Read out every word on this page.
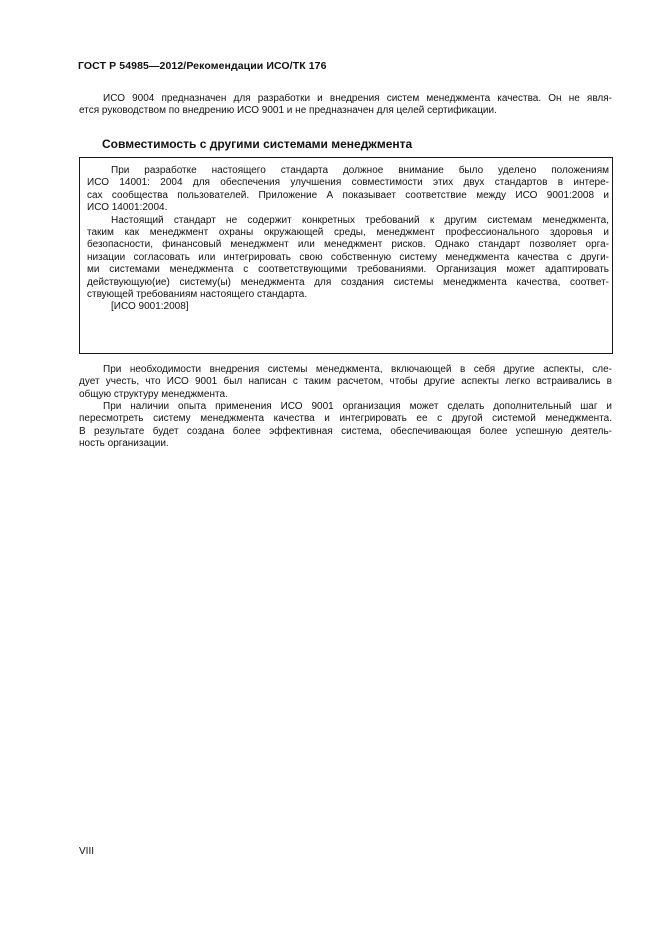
ГОСТ Р 54985—2012/Рекомендации ИСО/ТК 176
ИСО 9004 предназначен для разработки и внедрения систем менеджмента качества. Он не явля-
ется руководством по внедрению ИСО 9001 и не предназначен для целей сертификации.
Совместимость с другими системами менеджмента

При разработке настоящего стандарта должное внимание было уделено положениям
ИСО 14001: 2004 для обеспечения улучшения совместимости этих двух стандартов в интере-
сах сообщества пользователей. Приложение А показывает соответствие между ИСО 9001:2008 и
ИСО 14001:2004.

Настоящий стандарт не содержит конкретных требований к другим системам менеджмента,
таким как менеджмент охраны окружающей среды, менеджмент профессионального здоровья и
безопасности, финансовый менеджмент или менеджмент рисков. Однако стандарт позволяет орга-
низации согласовать или интегрировать свою собственную систему менеджмента качества с други-
ми системами менеджмента с соответствующими требованиями. Организация может адаптировать
действующую(ие) систему(ы) менеджмента для создания системы менеджмента качества, соответ-
ствующей требованиям настоящего стандарта.

[ИСО 9001:2008]

При необходимости внедрения системы менеджмента, включающей в себя другие аспекты, сле-
дует учесть, что ИСО 9001 был написан с таким расчетом, чтобы другие аспекты легко встраивались в
общую структуру менеджмента.
При наличии опыта применения ИСО 9001 организация может сделать дополнительный шаг и
пересмотреть систему менеджмента качества и интегрировать ее с другой системой менеджмента.
В результате будет создана более эффективная система, обеспечивающая более успешную деятель-
ность организации.
VIII
